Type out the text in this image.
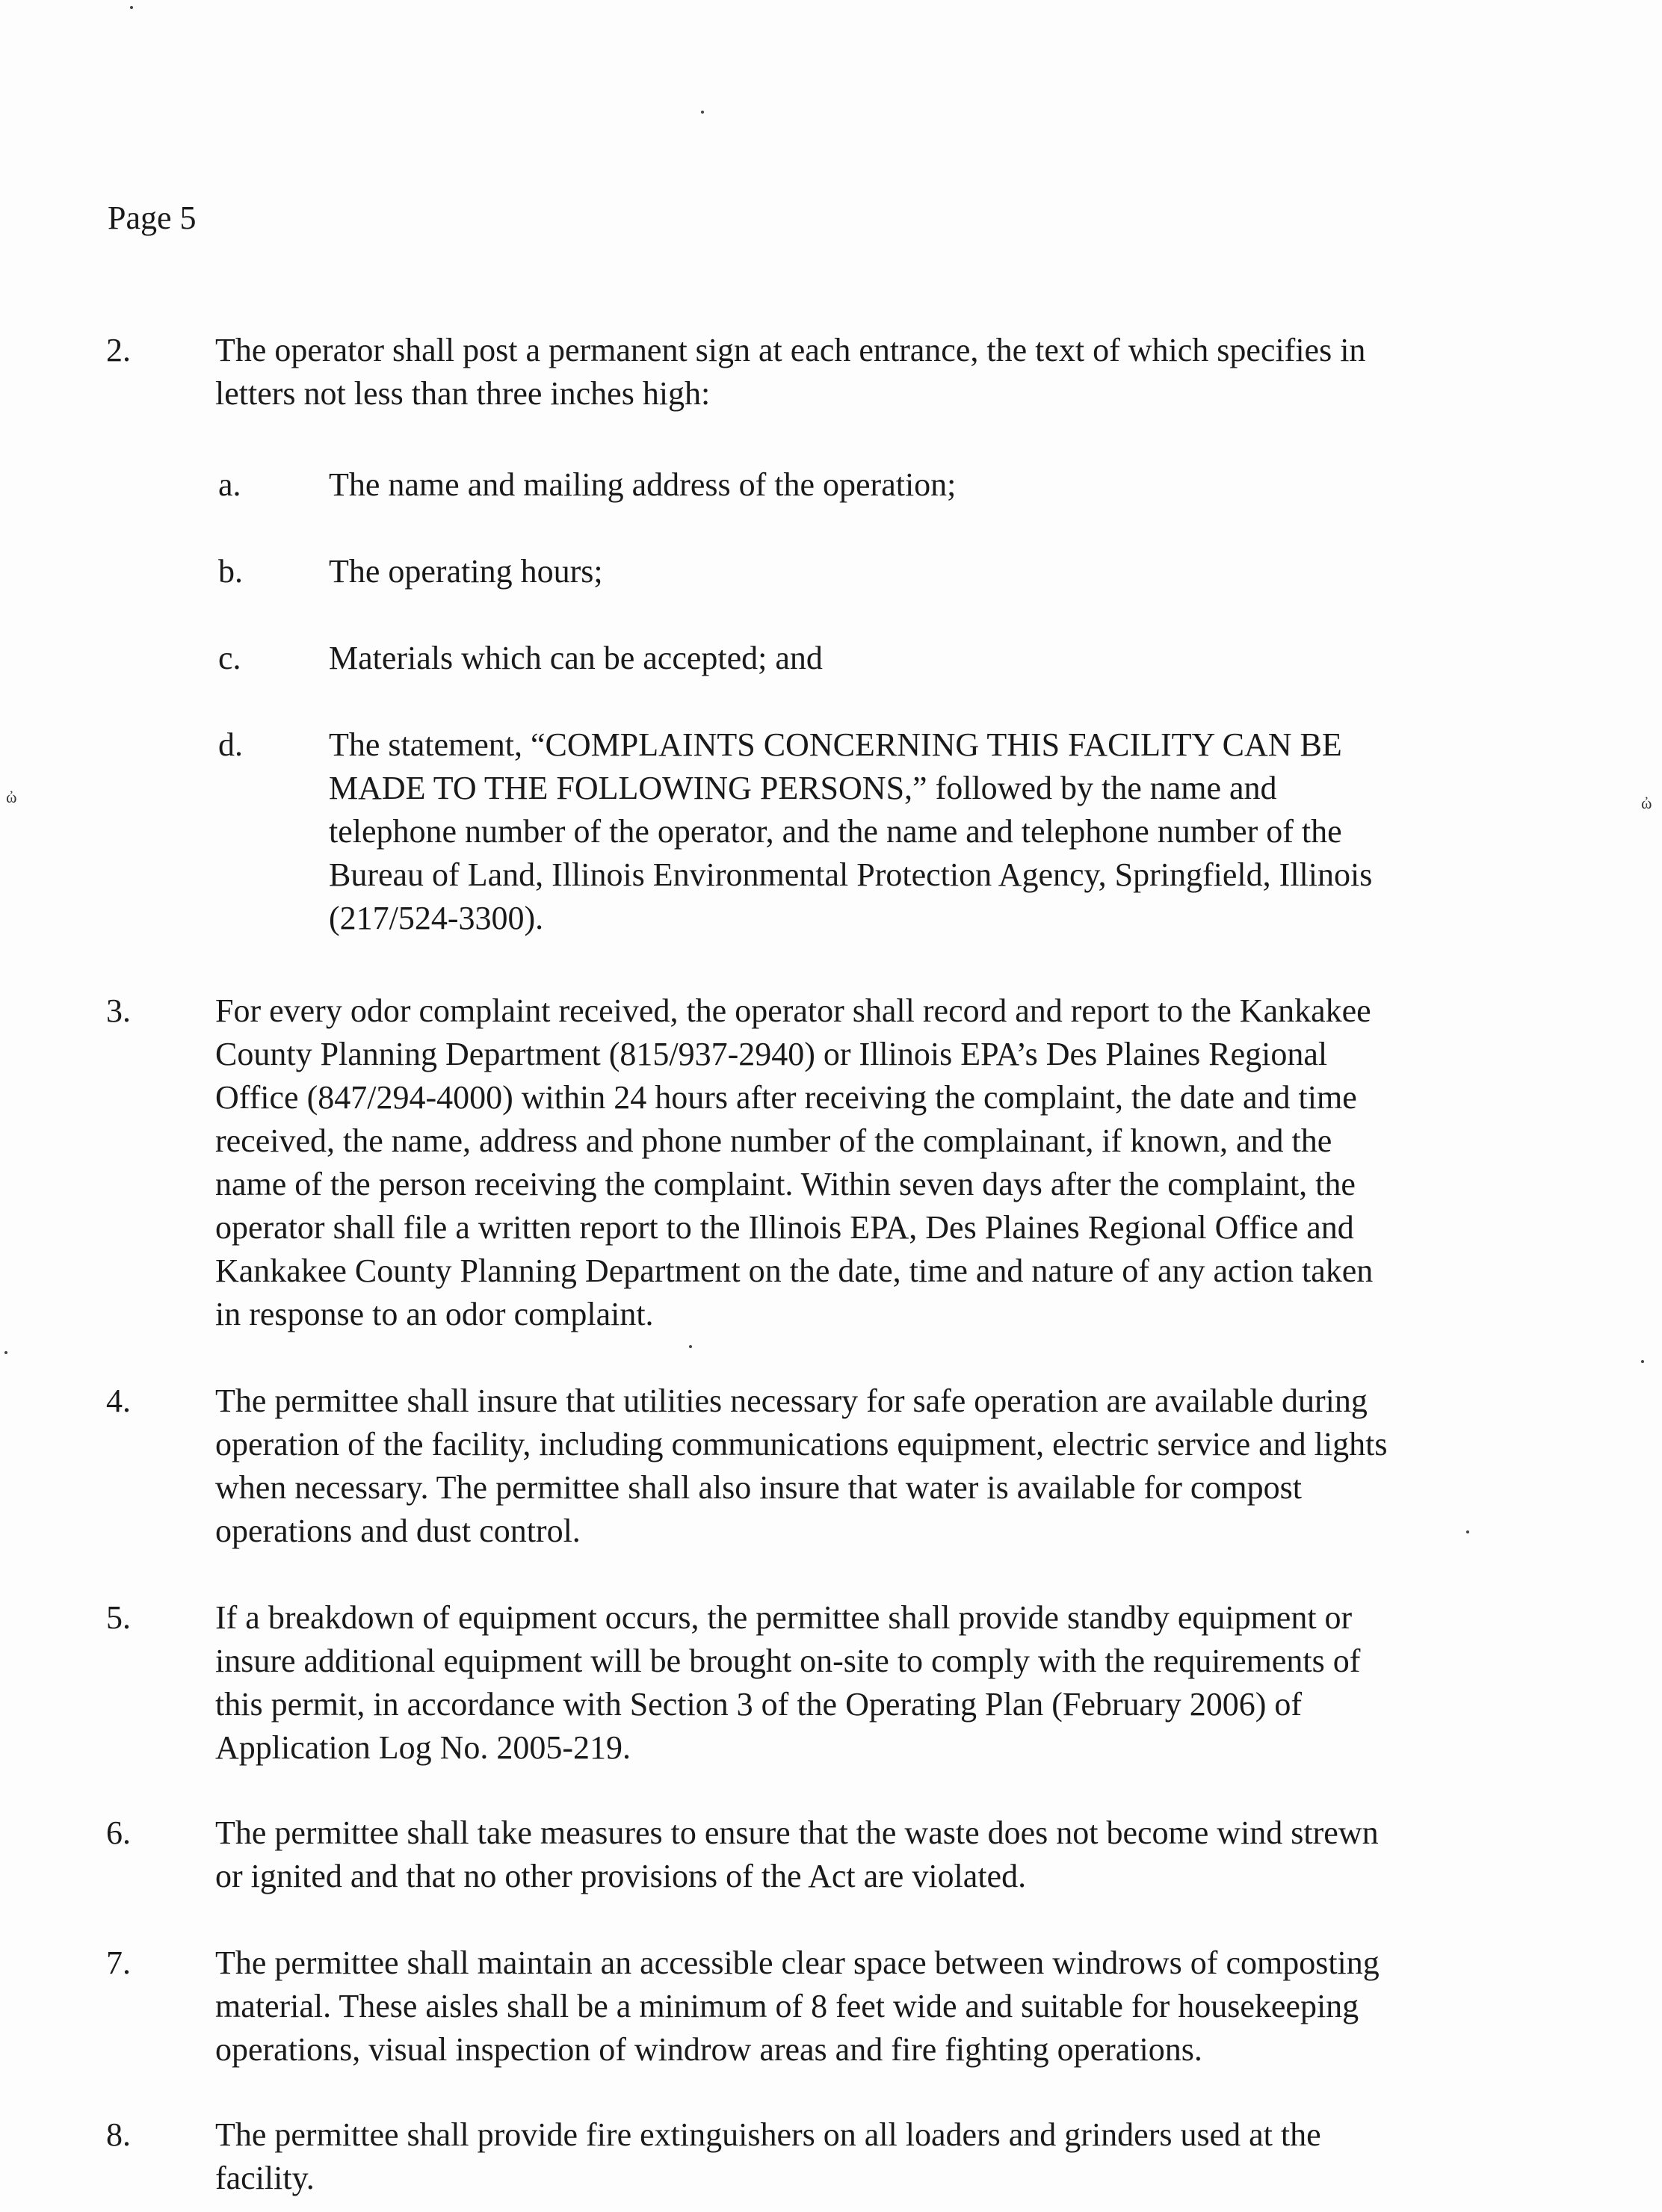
ὠ	ὠ
Page 5
2.	The operator shall post a permanent sign at each entrance, the text of which specifies in
letters not less than three inches high:
a.	The name and mailing address of the operation;
b.	The operating hours;
c.	Materials which can be accepted; and
d.	The statement, “COMPLAINTS CONCERNING THIS FACILITY CAN BE
MADE TO THE FOLLOWING PERSONS,” followed by the name and
telephone number of the operator, and the name and telephone number of the
Bureau of Land, Illinois Environmental Protection Agency, Springfield, Illinois
(217/524-3300).
3.	For every odor complaint received, the operator shall record and report to the Kankakee
County Planning Department (815/937-2940) or Illinois EPA’s Des Plaines Regional
Office (847/294-4000) within 24 hours after receiving the complaint, the date and time
received, the name, address and phone number of the complainant, if known, and the
name of the person receiving the complaint. Within seven days after the complaint, the
operator shall file a written report to the Illinois EPA, Des Plaines Regional Office and
Kankakee County Planning Department on the date, time and nature of any action taken
in response to an odor complaint.
4.	The permittee shall insure that utilities necessary for safe operation are available during
operation of the facility, including communications equipment, electric service and lights
when necessary. The permittee shall also insure that water is available for compost
operations and dust control.
5.	If a breakdown of equipment occurs, the permittee shall provide standby equipment or
insure additional equipment will be brought on-site to comply with the requirements of
this permit, in accordance with Section 3 of the Operating Plan (February 2006) of
Application Log No. 2005-219.
6.	The permittee shall take measures to ensure that the waste does not become wind strewn
or ignited and that no other provisions of the Act are violated.
7.	The permittee shall maintain an accessible clear space between windrows of composting
material. These aisles shall be a minimum of 8 feet wide and suitable for housekeeping
operations, visual inspection of windrow areas and fire fighting operations.
8.	The permittee shall provide fire extinguishers on all loaders and grinders used at the
facility.
